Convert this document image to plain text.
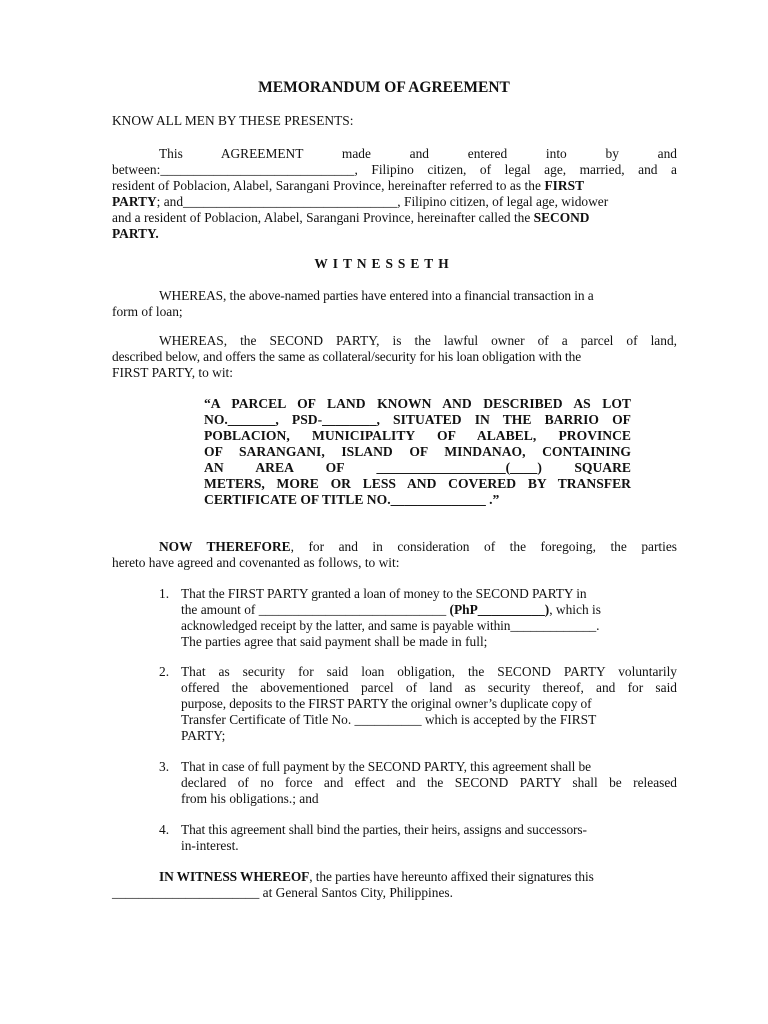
MEMORANDUM OF AGREEMENT
KNOW ALL MEN BY THESE PRESENTS:
This	AGREEMENT	made	and	entered	into	by	and
between:_____________________________, Filipino citizen, of legal age, married, and a
resident of Poblacion, Alabel, Sarangani Province, hereinafter referred to as the FIRST
PARTY; and________________________________, Filipino citizen, of legal age, widower
and a resident of Poblacion, Alabel, Sarangani Province, hereinafter called the SECOND
PARTY.
WITNESSETH
WHEREAS, the above-named parties have entered into a financial transaction in a
form of loan;
WHEREAS, the SECOND PARTY, is the lawful owner of a parcel of land,
described below, and offers the same as collateral/security for his loan obligation with the
FIRST PARTY, to wit:
“A PARCEL OF LAND KNOWN AND DESCRIBED AS LOT
NO._______, PSD-________, SITUATED IN THE BARRIO OF
POBLACION, MUNICIPALITY OF ALABEL, PROVINCE
OF SARANGANI, ISLAND OF MINDANAO, CONTAINING
AN AREA OF ___________________(____) SQUARE
METERS, MORE OR LESS AND COVERED BY TRANSFER
CERTIFICATE OF TITLE NO.______________ .”
NOW THEREFORE, for and in consideration of the foregoing, the parties
hereto have agreed and covenanted as follows, to wit:
1. That the FIRST PARTY granted a loan of money to the SECOND PARTY in
the amount of ____________________________ (PhP__________), which is
acknowledged receipt by the latter, and same is payable within_____________.
The parties agree that said payment shall be made in full;
2. That as security for said loan obligation, the SECOND PARTY voluntarily
offered the abovementioned parcel of land as security thereof, and for said
purpose, deposits to the FIRST PARTY the original owner’s duplicate copy of
Transfer Certificate of Title No. __________ which is accepted by the FIRST
PARTY;
3. That in case of full payment by the SECOND PARTY, this agreement shall be
declared of no force and effect and the SECOND PARTY shall be released
from his obligations.; and
4. That this agreement shall bind the parties, their heirs, assigns and successors-
in-interest.
IN WITNESS WHEREOF, the parties have hereunto affixed their signatures this
______________________ at General Santos City, Philippines.
